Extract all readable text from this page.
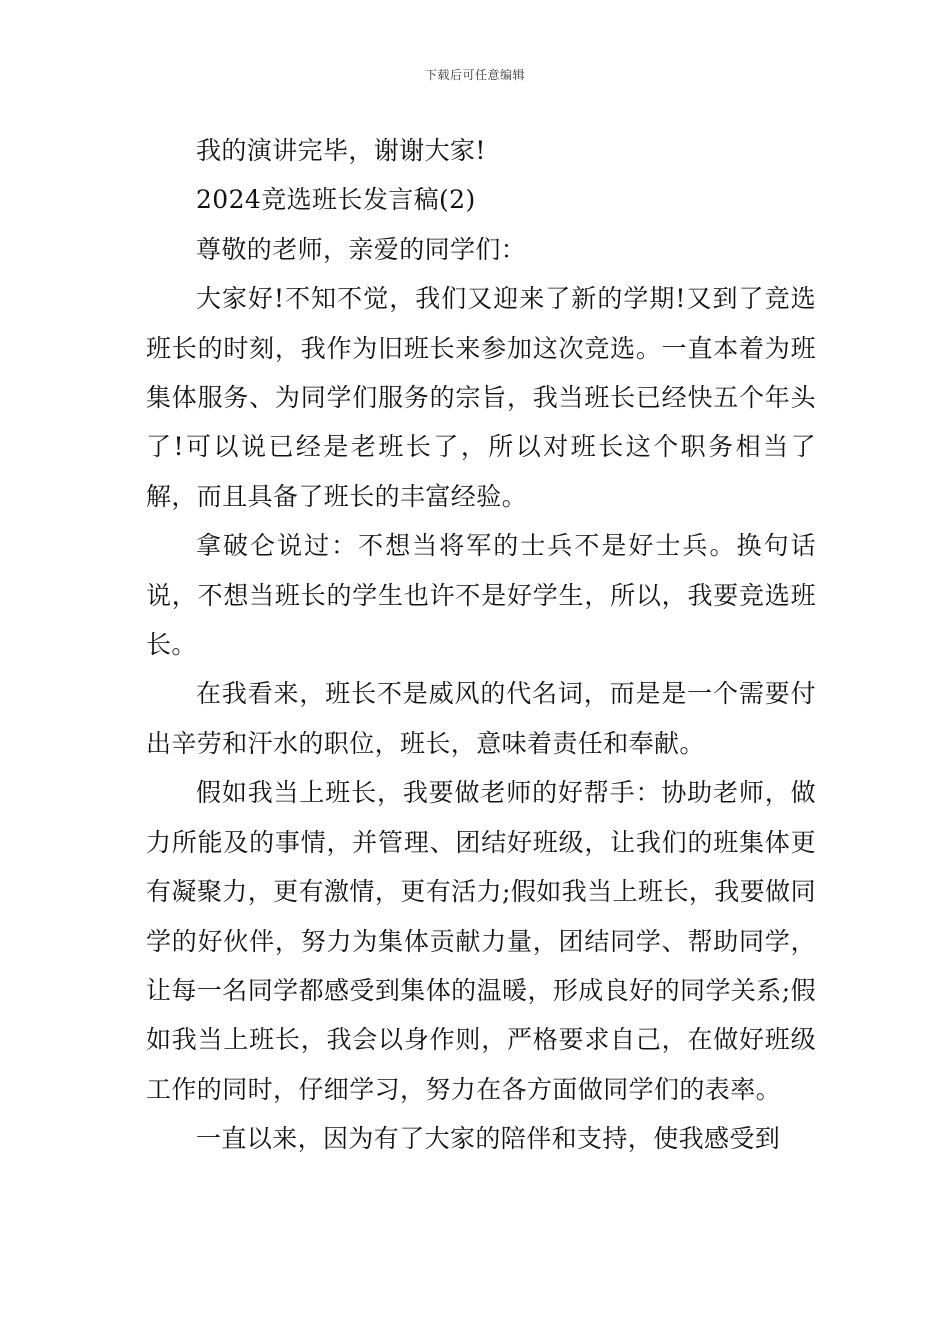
下载后可任意编辑

我的演讲完毕，谢谢大家!

2024竞选班长发言稿(2)

尊敬的老师，亲爱的同学们：

大家好!不知不觉，我们又迎来了新的学期!又到了竞选班长的时刻，我作为旧班长来参加这次竞选。一直本着为班集体服务、为同学们服务的宗旨，我当班长已经快五个年头了!可以说已经是老班长了，所以对班长这个职务相当了解，而且具备了班长的丰富经验。

拿破仑说过：不想当将军的士兵不是好士兵。换句话说，不想当班长的学生也许不是好学生，所以，我要竞选班长。

在我看来，班长不是威风的代名词，而是是一个需要付出辛劳和汗水的职位，班长，意味着责任和奉献。

假如我当上班长，我要做老师的好帮手：协助老师，做力所能及的事情，并管理、团结好班级，让我们的班集体更有凝聚力，更有激情，更有活力;假如我当上班长，我要做同学的好伙伴，努力为集体贡献力量，团结同学、帮助同学，让每一名同学都感受到集体的温暖，形成良好的同学关系;假如我当上班长，我会以身作则，严格要求自己，在做好班级工作的同时，仔细学习，努力在各方面做同学们的表率。

一直以来，因为有了大家的陪伴和支持，使我感受到
